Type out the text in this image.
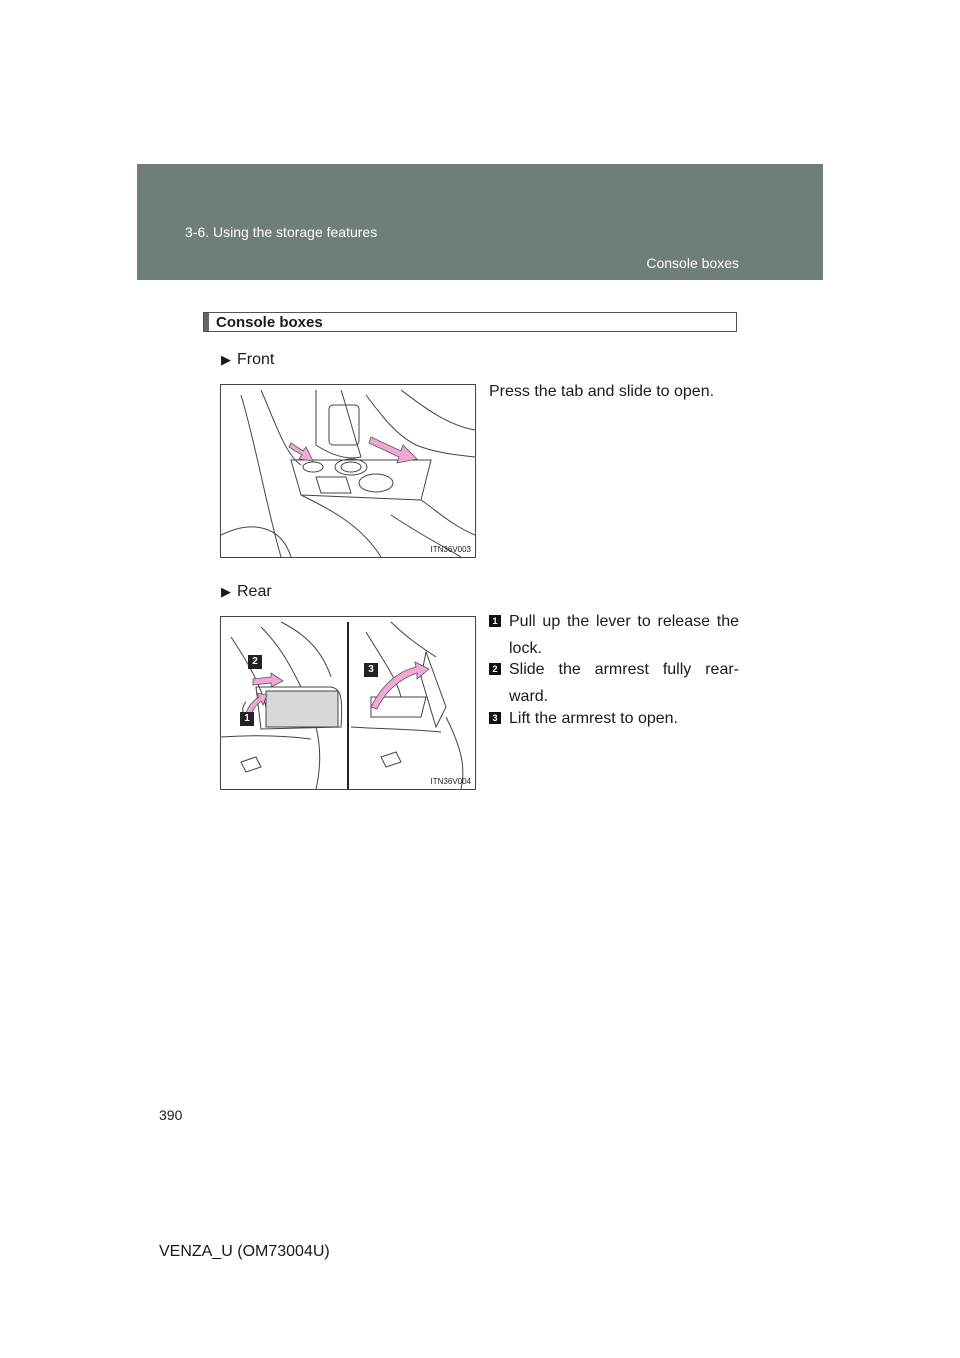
3-6. Using the storage features
Console boxes
Console boxes
▶ Front
ITN36V003
Press the tab and slide to open.
▶ Rear
1
2
3
ITN36V004
1 Pull up the lever to release the lock.
2 Slide the armrest fully rear-ward.
3 Lift the armrest to open.
390
VENZA_U (OM73004U)
